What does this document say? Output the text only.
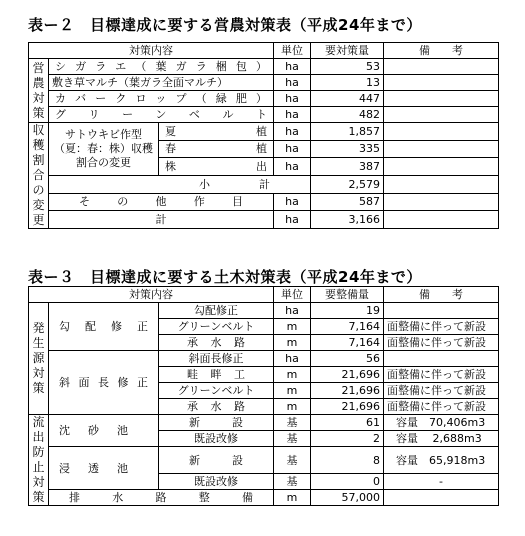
表ー２　目標達成に要する営農対策表（平成24年まで）
対策内容			単位	要対策量	備　　考

営農対策	シガラエ（葉ガラ梱包）		ha	53	
	敷き草マルチ（葉ガラ全面マルチ）		ha	13	
	カバークロップ（緑肥）		ha	447	
	グリーンベルト		ha	482	

収穫割合の変更	サトウキビ作型（夏：春：株）収穫割合の変更	夏　植	ha	1,857	
		春　植	ha	335	
		株　出	ha	387	
	小　計			2,579	
	その他作目		ha	587	
	計		ha	3,166	
表ー３　目標達成に要する土木対策表（平成24年まで）
対策内容			単位	要整備量	備　　考

発生源対策	勾配修正	勾配修正	ha	19	
		グリーンベルト	m	7,164	面整備に伴って新設
		承水路	m	7,164	面整備に伴って新設
	斜面長修正	斜面長修正	ha	56	
		畦畔工	m	21,696	面整備に伴って新設
		グリーンベルト	m	21,696	面整備に伴って新設
		承水路	m	21,696	面整備に伴って新設

流出防止対策	沈砂池	新設	基	61	容量　70,406m3
		既設改修	基	2	容量　 2,688m3
	浸透池	新設	基	8	容量　65,918m3
		既設改修	基	0	-
	排水路整備		m	57,000	
